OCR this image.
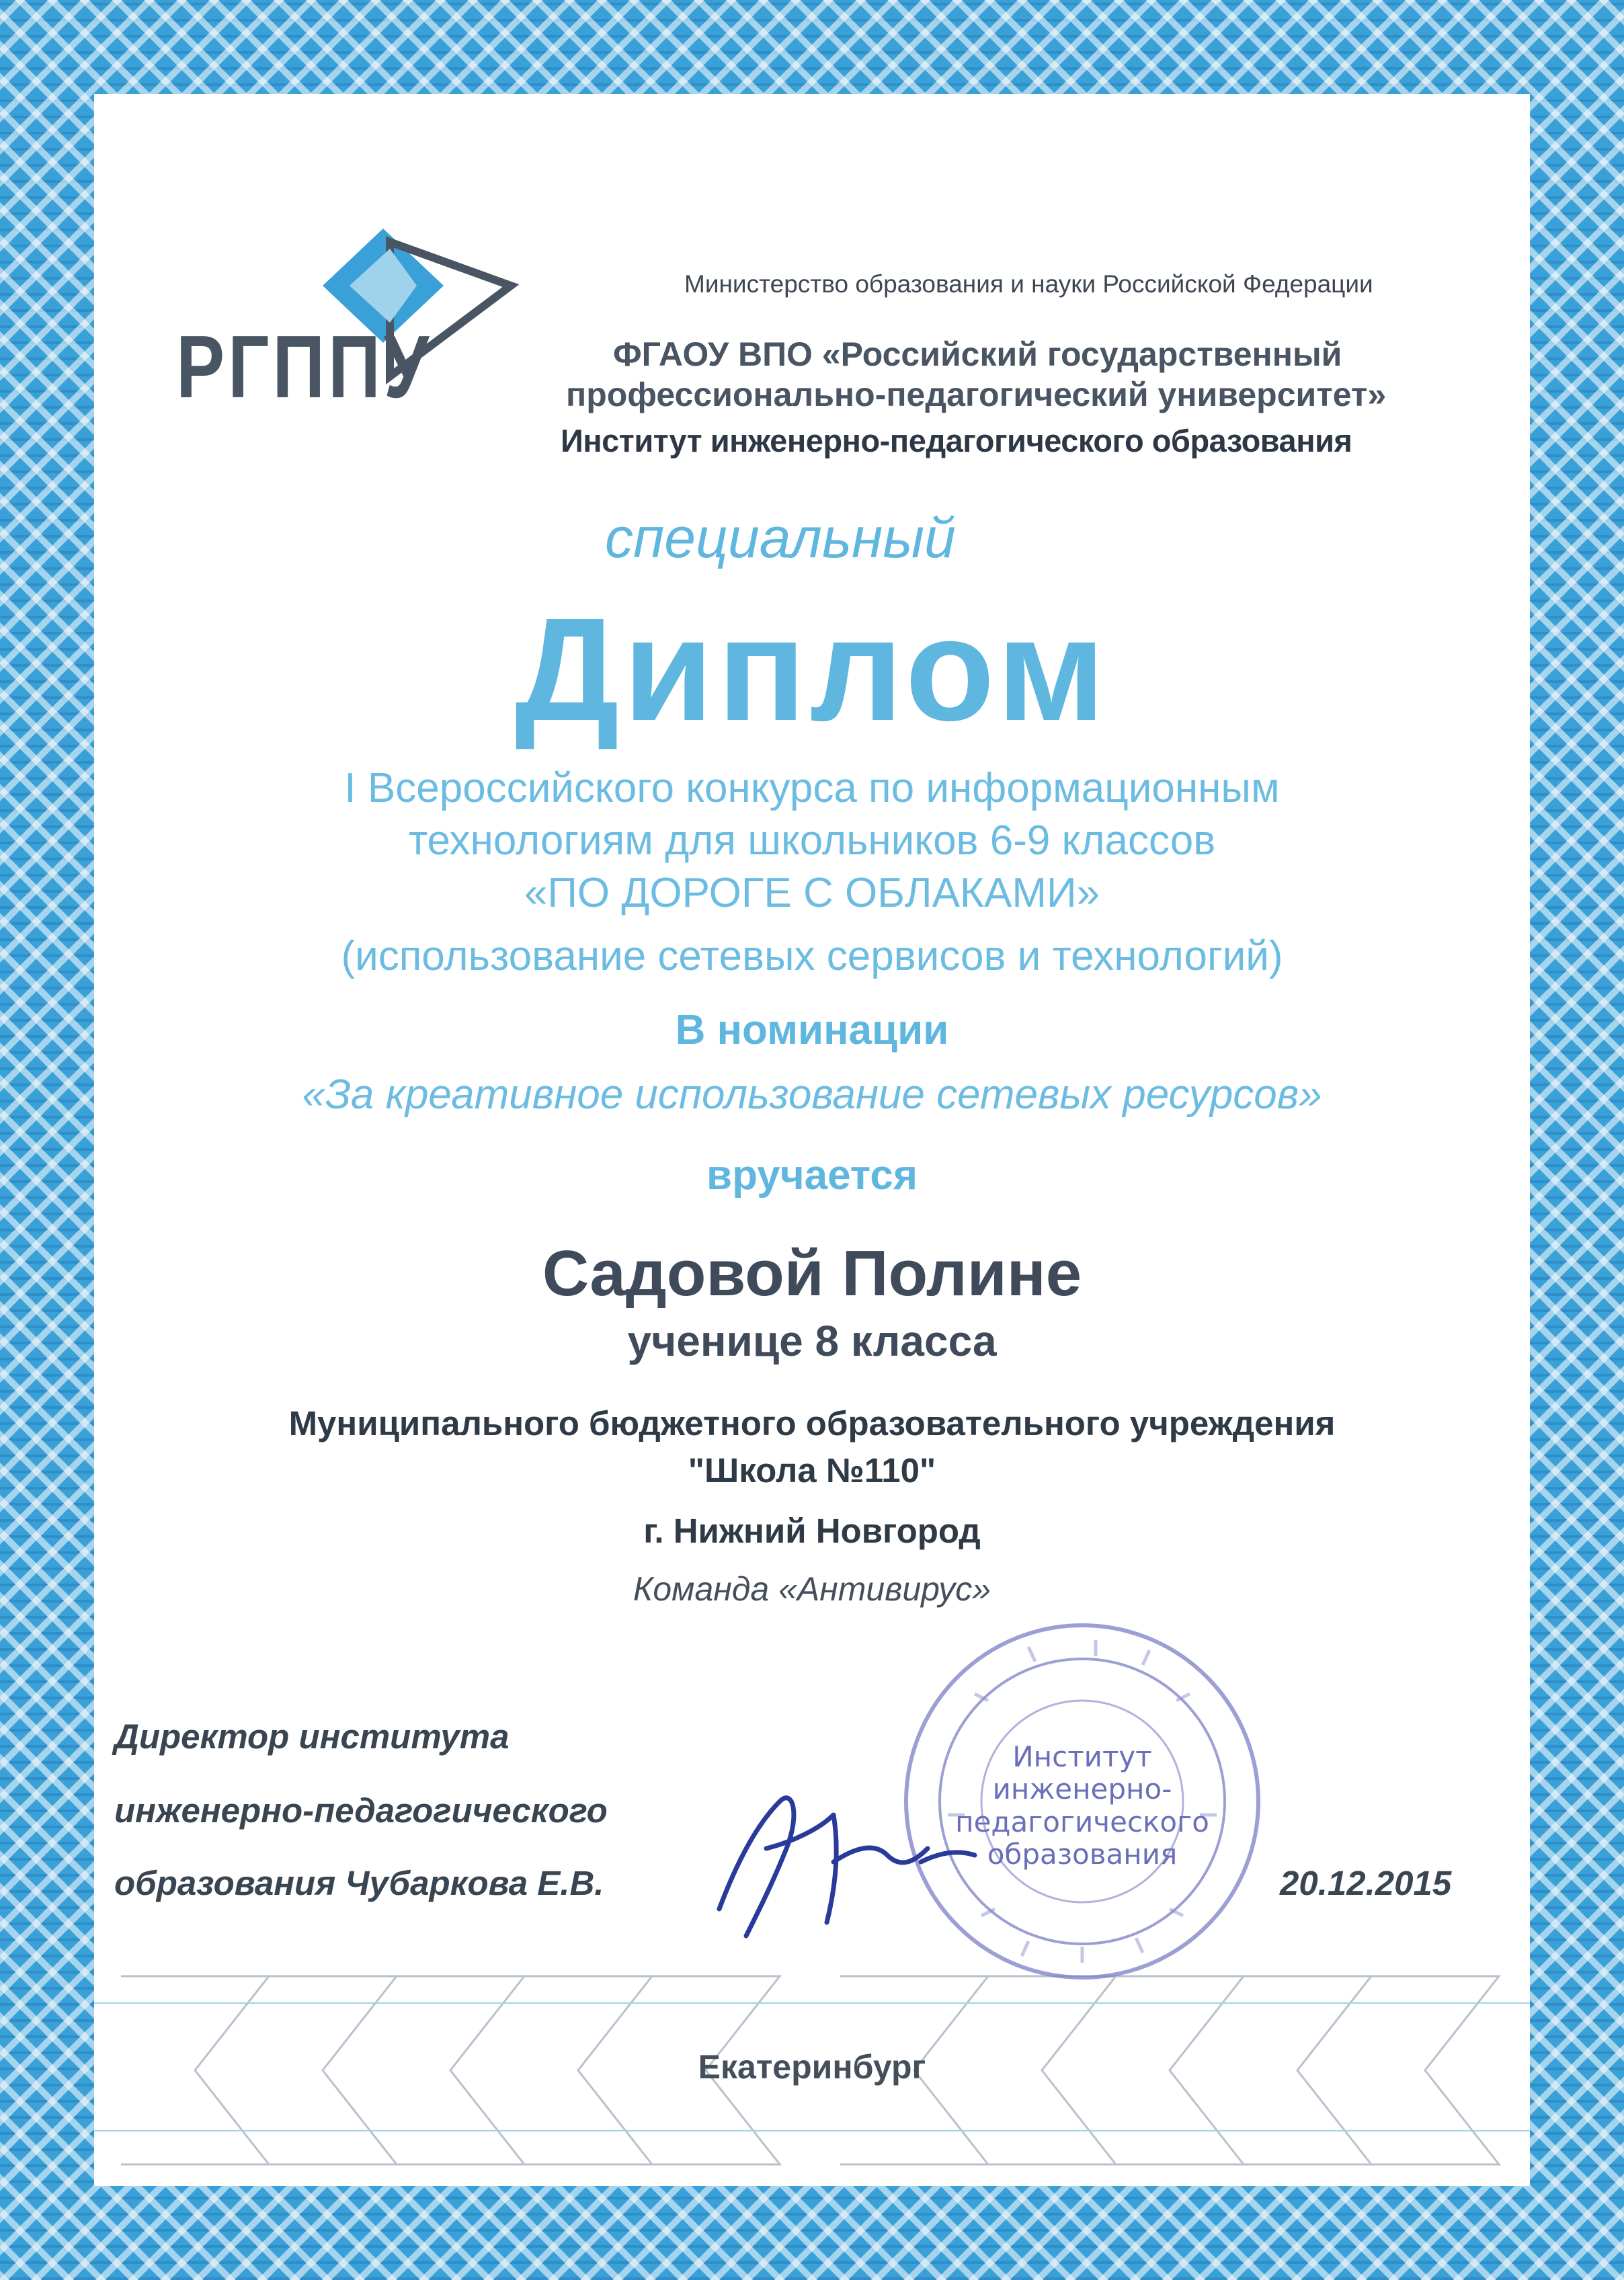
РГППУ
Министерство образования и науки Российской Федерации
ФГАОУ ВПО «Российский государственный
профессионально-педагогический университет»
Институт инженерно-педагогического образования
специальный
Диплом
I Всероссийского конкурса по информационным
технологиям для школьников 6-9 классов
«ПО ДОРОГЕ С ОБЛАКАМИ»
(использование сетевых сервисов и технологий)
В номинации
«За креативное использование сетевых ресурсов»
вручается
Садовой Полине
ученице 8 класса
Муниципального бюджетного образовательного учреждения
"Школа №110"
г. Нижний Новгород
Команда «Антивирус»
Директор института
инженерно-педагогического
образования Чубаркова Е.В.	20.12.2015
Институт
инженерно-
педагогического
образования
Екатеринбург
